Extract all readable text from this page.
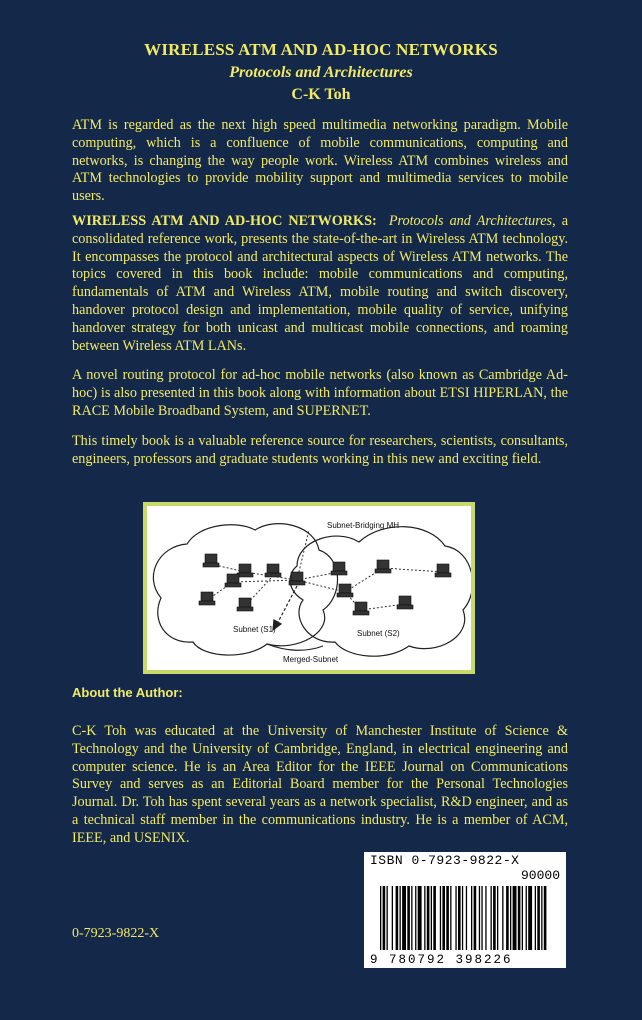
WIRELESS ATM AND AD-HOC NETWORKS
Protocols and Architectures
C-K Toh
ATM is regarded as the next high speed multimedia networking paradigm. Mobile computing, which is a confluence of mobile communications, computing and networks, is changing the way people work. Wireless ATM combines wireless and ATM technologies to provide mobility support and multimedia services to mobile users.
WIRELESS ATM AND AD-HOC NETWORKS: Protocols and Architectures, a consolidated reference work, presents the state-of-the-art in Wireless ATM technology. It encompasses the protocol and architectural aspects of Wireless ATM networks. The topics covered in this book include: mobile communications and computing, fundamentals of ATM and Wireless ATM, mobile routing and switch discovery, handover protocol design and implementation, mobile quality of service, unifying handover strategy for both unicast and multicast mobile connections, and roaming between Wireless ATM LANs.
A novel routing protocol for ad-hoc mobile networks (also known as Cambridge Ad-hoc) is also presented in this book along with information about ETSI HIPERLAN, the RACE Mobile Broadband System, and SUPERNET.
This timely book is a valuable reference source for researchers, scientists, consultants, engineers, professors and graduate students working in this new and exciting field.
Subnet-Bridging MH
Subnet (S1)	Subnet (S2)
Merged-Subnet
About the Author:
C-K Toh was educated at the University of Manchester Institute of Science & Technology and the University of Cambridge, England, in electrical engineering and computer science. He is an Area Editor for the IEEE Journal on Communications Survey and serves as an Editorial Board member for the Personal Technologies Journal. Dr. Toh has spent several years as a network specialist, R&D engineer, and as a technical staff member in the communications industry. He is a member of ACM, IEEE, and USENIX.
ISBN 0-7923-9822-X
90000
9 780792 398226
0-7923-9822-X
